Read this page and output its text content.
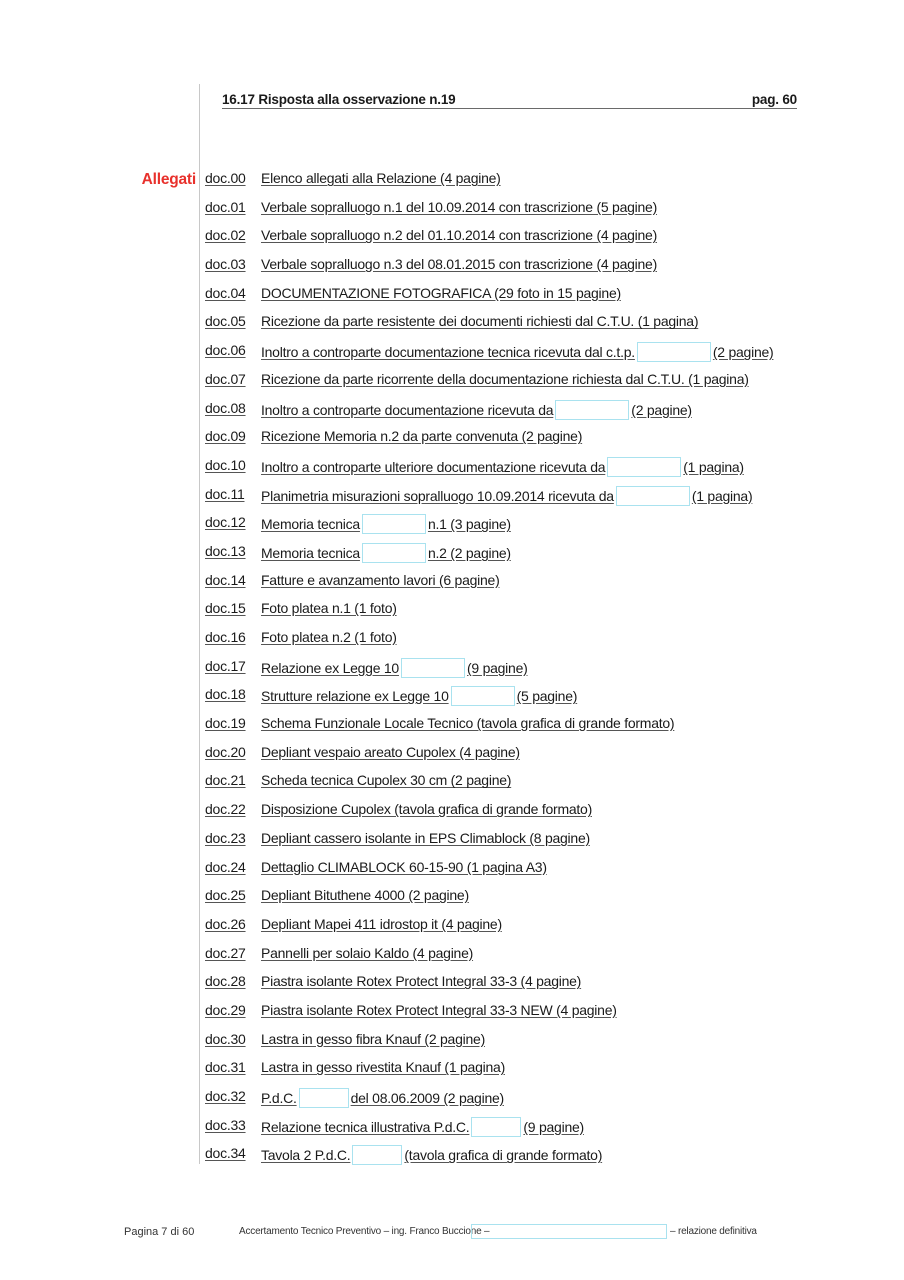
16.17 Risposta alla osservazione n.19	pag. 60
Allegati doc.00	Elenco allegati alla Relazione (4 pagine)
doc.01	Verbale sopralluogo n.1 del 10.09.2014 con trascrizione (5 pagine)
doc.02	Verbale sopralluogo n.2 del 01.10.2014 con trascrizione (4 pagine)
doc.03	Verbale sopralluogo n.3 del 08.01.2015 con trascrizione (4 pagine)
doc.04	DOCUMENTAZIONE FOTOGRAFICA (29 foto in 15 pagine)
doc.05	Ricezione da parte resistente dei documenti richiesti dal C.T.U. (1 pagina)
doc.06	Inoltro a controparte documentazione tecnica ricevuta dal c.t.p.	(2 pagine)
doc.07	Ricezione da parte ricorrente della documentazione richiesta dal C.T.U. (1 pagina)
doc.08	Inoltro a controparte documentazione ricevuta da	(2 pagine)
doc.09	Ricezione Memoria n.2 da parte convenuta (2 pagine)
doc.10	Inoltro a controparte ulteriore documentazione ricevuta da	(1 pagina)
doc.11	Planimetria misurazioni sopralluogo 10.09.2014 ricevuta da	(1 pagina)
doc.12	Memoria tecnica	n.1 (3 pagine)
doc.13	Memoria tecnica	n.2 (2 pagine)
doc.14	Fatture e avanzamento lavori (6 pagine)
doc.15	Foto platea n.1 (1 foto)
doc.16	Foto platea n.2 (1 foto)
doc.17	Relazione ex Legge 10	(9 pagine)
doc.18	Strutture relazione ex Legge 10	(5 pagine)
doc.19	Schema Funzionale Locale Tecnico (tavola grafica di grande formato)
doc.20	Depliant vespaio areato Cupolex (4 pagine)
doc.21	Scheda tecnica Cupolex 30 cm (2 pagine)
doc.22	Disposizione Cupolex (tavola grafica di grande formato)
doc.23	Depliant cassero isolante in EPS Climablock (8 pagine)
doc.24	Dettaglio CLIMABLOCK 60-15-90 (1 pagina A3)
doc.25	Depliant Bituthene 4000 (2 pagine)
doc.26	Depliant Mapei 411 idrostop it (4 pagine)
doc.27	Pannelli per solaio Kaldo (4 pagine)
doc.28	Piastra isolante Rotex Protect Integral 33-3 (4 pagine)
doc.29	Piastra isolante Rotex Protect Integral 33-3 NEW (4 pagine)
doc.30	Lastra in gesso fibra Knauf (2 pagine)
doc.31	Lastra in gesso rivestita Knauf (1 pagina)
doc.32	P.d.C.	del 08.06.2009 (2 pagine)
doc.33	Relazione tecnica illustrativa P.d.C.	(9 pagine)
doc.34	Tavola 2 P.d.C.	(tavola grafica di grande formato)
Pagina 7 di 60	Accertamento Tecnico Preventivo – ing. Franco Buccione –	– relazione definitiva
